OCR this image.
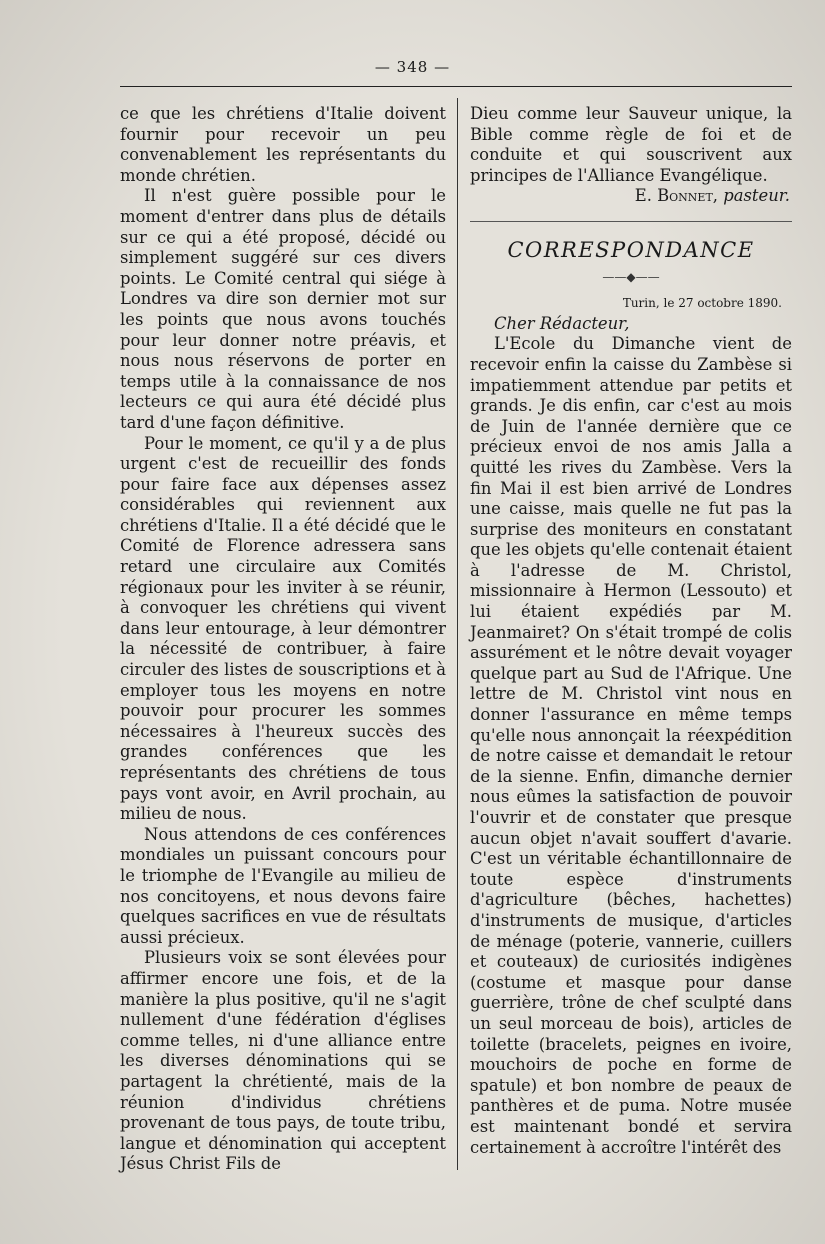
— 348 —

ce que les chrétiens d'Italie doivent fournir pour recevoir un peu convenablement les représentants du monde chrétien.

Il n'est guère possible pour le moment d'entrer dans plus de détails sur ce qui a été proposé, décidé ou simplement suggéré sur ces divers points. Le Comité central qui siége à Londres va dire son dernier mot sur les points que nous avons touchés pour leur donner notre préavis, et nous nous réservons de porter en temps utile à la connaissance de nos lecteurs ce qui aura été décidé plus tard d'une façon définitive.

Pour le moment, ce qu'il y a de plus urgent c'est de recueillir des fonds pour faire face aux dépenses assez considérables qui reviennent aux chrétiens d'Italie. Il a été décidé que le Comité de Florence adressera sans retard une circulaire aux Comités régionaux pour les inviter à se réunir, à convoquer les chrétiens qui vivent dans leur entourage, à leur démontrer la nécessité de contribuer, à faire circuler des listes de souscriptions et à employer tous les moyens en notre pouvoir pour procurer les sommes nécessaires à l'heureux succès des grandes conférences que les représentants des chrétiens de tous pays vont avoir, en Avril prochain, au milieu de nous.

Nous attendons de ces conférences mondiales un puissant concours pour le triomphe de l'Evangile au milieu de nos concitoyens, et nous devons faire quelques sacrifices en vue de résultats aussi précieux.

Plusieurs voix se sont élevées pour affirmer encore une fois, et de la manière la plus positive, qu'il ne s'agit nullement d'une fédération d'églises comme telles, ni d'une alliance entre les diverses dénominations qui se partagent la chrétienté, mais de la réunion d'individus chrétiens provenant de tous pays, de toute tribu, langue et dénomination qui acceptent Jésus Christ Fils de

Dieu comme leur Sauveur unique, la Bible comme règle de foi et de conduite et qui souscrivent aux principes de l'Alliance Evangélique.

E. Bonnet, pasteur.

CORRESPONDANCE
——◆——

Turin, le 27 octobre 1890.

Cher Rédacteur,

L'Ecole du Dimanche vient de recevoir enfin la caisse du Zambèse si impatiemment attendue par petits et grands. Je dis enfin, car c'est au mois de Juin de l'année dernière que ce précieux envoi de nos amis Jalla a quitté les rives du Zambèse. Vers la fin Mai il est bien arrivé de Londres une caisse, mais quelle ne fut pas la surprise des moniteurs en constatant que les objets qu'elle contenait étaient à l'adresse de M. Christol, missionnaire à Hermon (Lessouto) et lui étaient expédiés par M. Jeanmairet? On s'était trompé de colis assurément et le nôtre devait voyager quelque part au Sud de l'Afrique. Une lettre de M. Christol vint nous en donner l'assurance en même temps qu'elle nous annonçait la réexpédition de notre caisse et demandait le retour de la sienne. Enfin, dimanche dernier nous eûmes la satisfaction de pouvoir l'ouvrir et de constater que presque aucun objet n'avait souffert d'avarie. C'est un véritable échantillonnaire de toute espèce d'instruments d'agriculture (bêches, hachettes) d'instruments de musique, d'articles de ménage (poterie, vannerie, cuillers et couteaux) de curiosités indigènes (costume et masque pour danse guerrière, trône de chef sculpté dans un seul morceau de bois), articles de toilette (bracelets, peignes en ivoire, mouchoirs de poche en forme de spatule) et bon nombre de peaux de panthères et de puma. Notre musée est maintenant bondé et servira certainement à accroître l'intérêt des
